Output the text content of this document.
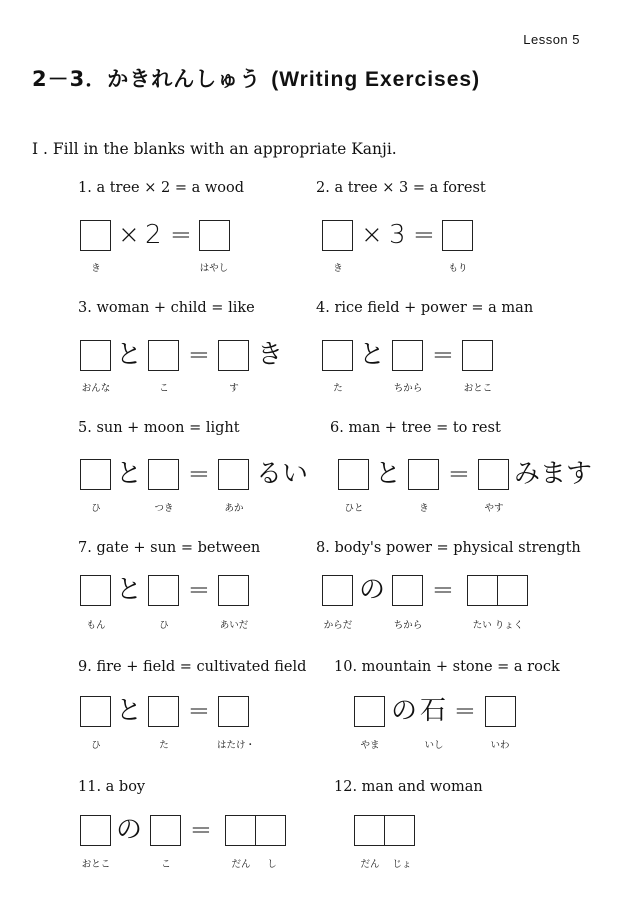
Lesson 5
2－3．かきれんしゅう (Writing Exercises)
I . Fill in the blanks with an appropriate Kanji.
1. a tree × 2 = a wood
× 2 =
き	はやし
2. a tree × 3 = a forest
× 3 =
き	もり
3. woman + child = like
と = き
おんな	こ	す
4. rice field + power = a man
と =
た	ちから	おとこ
5. sun + moon = light
と = るい
ひ	つき	あか
6. man + tree = to rest
と = みます
ひと	き	やす
7. gate + sun = between
と =
もん	ひ	あいだ
8. body's power = physical strength
の =
からだ	ちから	たい りょく
9. fire + field = cultivated field
と =
ひ	た	はたけ・
10. mountain + stone = a rock
の 石 =
やま	いし	いわ
11. a boy
の =
おとこ	こ	だん し
12. man and woman
だん じょ
